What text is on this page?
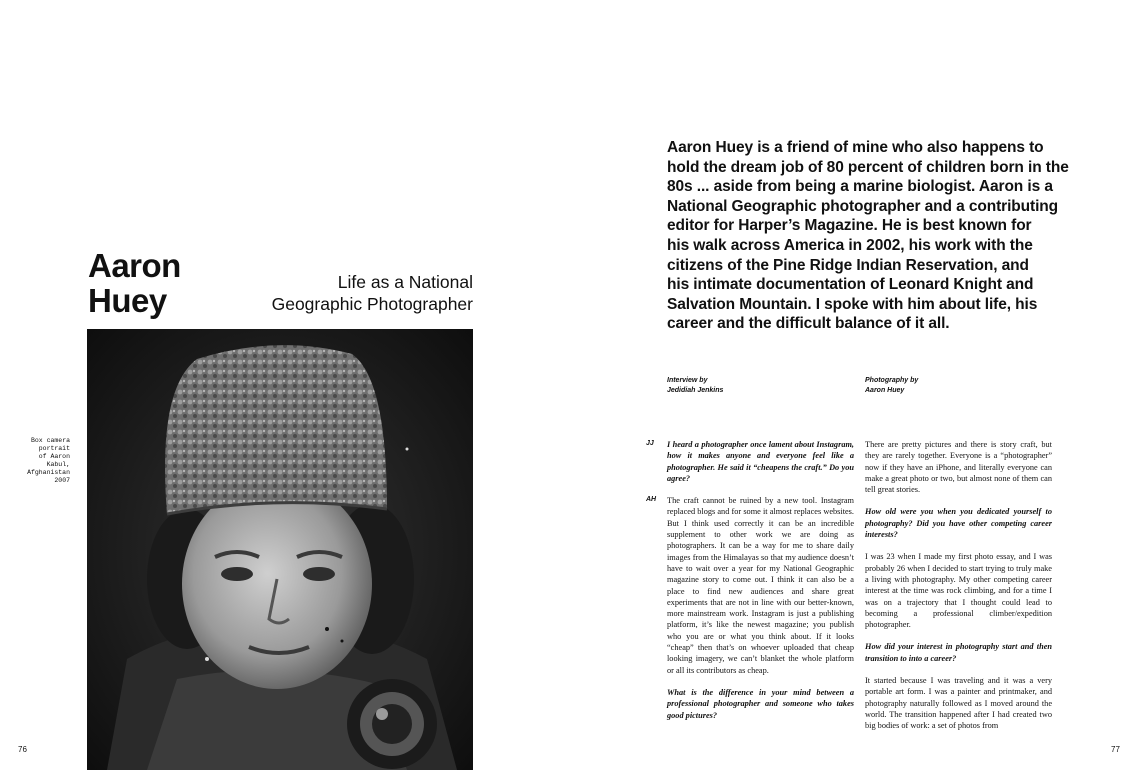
Aaron
Huey	Life as a National
Geographic Photographer
Box camera
portrait
of Aaron
Kabul,
Afghanistan
2007
76
Aaron Huey is a friend of mine who also happens to
hold the dream job of 80 percent of children born in the
80s ... aside from being a marine biologist. Aaron is a
National Geographic photographer and a contributing
editor for Harper’s Magazine. He is best known for
his walk across America in 2002, his work with the
citizens of the Pine Ridge Indian Reservation, and
his intimate documentation of Leonard Knight and
Salvation Mountain. I spoke with him about life, his
career and the difficult balance of it all.
Interview by
Jedidiah Jenkins
Photography by
Aaron Huey
JJ
AH

I heard a photographer once lament about Instagram, how it makes anyone and everyone feel like a photographer. He said it “cheapens the craft.” Do you agree?

The craft cannot be ruined by a new tool. Instagram replaced blogs and for some it almost replaces websites. But I think used correctly it can be an incredible supplement to other work we are doing as photographers. It can be a way for me to share daily images from the Himalayas so that my audience doesn’t have to wait over a year for my National Geographic magazine story to come out. I think it can also be a place to find new audiences and share great experiments that are not in line with our better-known, more mainstream work. Instagram is just a publishing platform, it’s like the newest magazine; you publish who you are or what you think about. If it looks “cheap” then that’s on whoever uploaded that cheap looking imagery, we can’t blanket the whole platform or all its contributors as cheap.

What is the difference in your mind between a professional photographer and someone who takes good pictures?

There are pretty pictures and there is story craft, but they are rarely together. Everyone is a “photographer” now if they have an iPhone, and literally everyone can make a great photo or two, but almost none of them can tell great stories.

How old were you when you dedicated yourself to photography? Did you have other competing career interests?

I was 23 when I made my first photo essay, and I was probably 26 when I decided to start trying to truly make a living with photography. My other competing career interest at the time was rock climbing, and for a time I was on a trajectory that I thought could lead to becoming a professional climber/expedition photographer.

How did your interest in photography start and then transition to into a career?

It started because I was traveling and it was a very portable art form. I was a painter and printmaker, and photography naturally followed as I moved around the world. The transition happened after I had created two big bodies of work: a set of photos from

77
